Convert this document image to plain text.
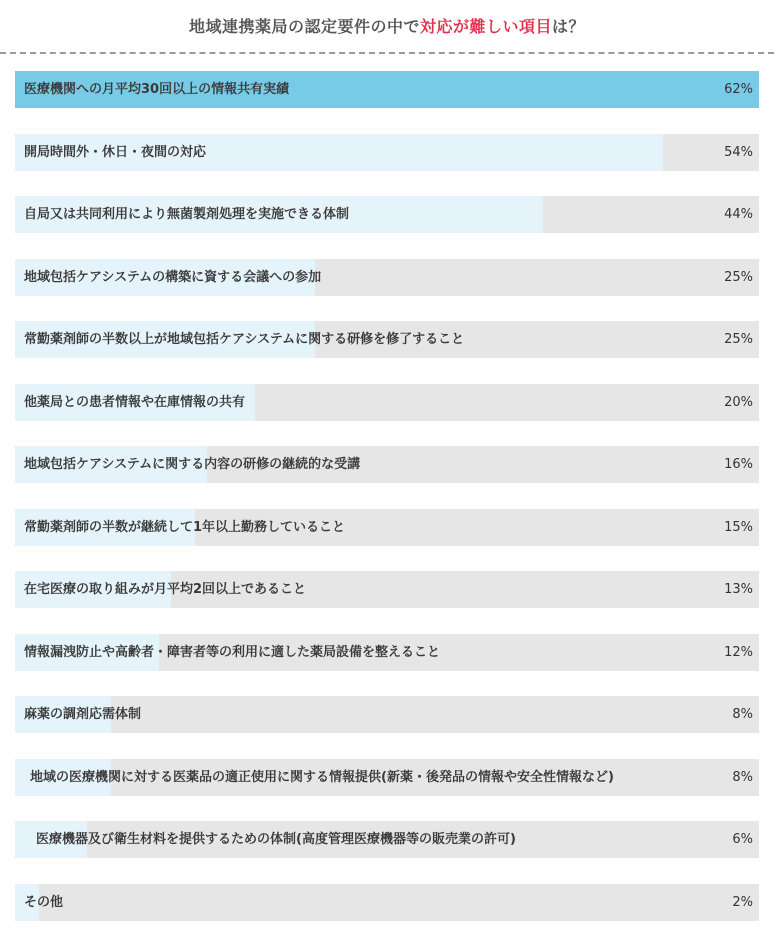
地域連携薬局の認定要件の中で対応が難しい項目は？
医療機関への月平均30回以上の情報共有実績	62%
開局時間外・休日・夜間の対応	54%
自局又は共同利用により無菌製剤処理を実施できる体制	44%
地域包括ケアシステムの構築に資する会議への参加	25%
常勤薬剤師の半数以上が地域包括ケアシステムに関する研修を修了すること	25%
他薬局との患者情報や在庫情報の共有	20%
地域包括ケアシステムに関する内容の研修の継続的な受講	16%
常勤薬剤師の半数が継続して1年以上勤務していること	15%
在宅医療の取り組みが月平均2回以上であること	13%
情報漏洩防止や高齢者・障害者等の利用に適した薬局設備を整えること	12%
麻薬の調剤応需体制	8%
地域の医療機関に対する医薬品の適正使用に関する情報提供(新薬・後発品の情報や安全性情報など)	8%
医療機器及び衛生材料を提供するための体制(高度管理医療機器等の販売業の許可)	6%
その他	2%
